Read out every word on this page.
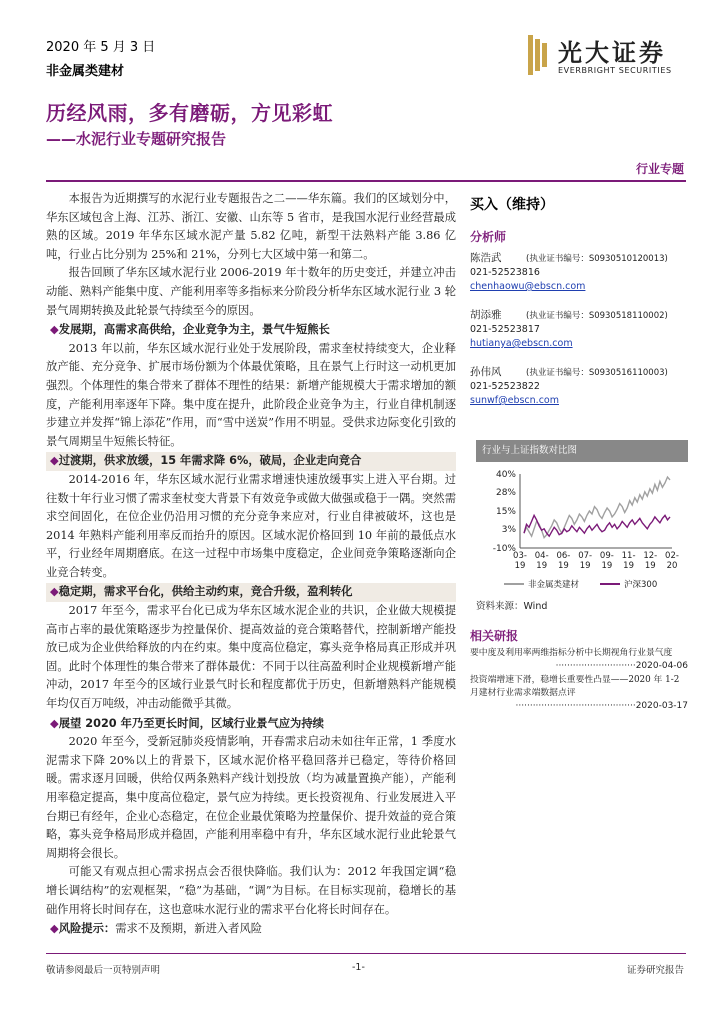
2020 年 5 月 3 日
非金属类建材
光大证券
EVERBRIGHT SECURITIES
历经风雨，多有磨砺，方见彩虹
——水泥行业专题研究报告
行业专题

本报告为近期撰写的水泥行业专题报告之二——华东篇。我们的区域划分中，华东区域包含上海、江苏、浙江、安徽、山东等 5 省市，是我国水泥行业经营最成熟的区域。2019 年华东区域水泥产量 5.82 亿吨，新型干法熟料产能 3.86 亿吨，行业占比分别为 25%和 21%，分列七大区域中第一和第二。

报告回顾了华东区域水泥行业 2006-2019 年十数年的历史变迁，并建立冲击动能、熟料产能集中度、产能利用率等多指标来分阶段分析华东区域水泥行业 3 轮景气周期转换及此轮景气持续至今的原因。

◆发展期，高需求高供给，企业竞争为主，景气牛短熊长

2013 年以前，华东区域水泥行业处于发展阶段，需求奎杖持续变大，企业释放产能、充分竞争、扩展市场份额为个体最优策略，且在景气上行时这一动机更加强烈。个体理性的集合带来了群体不理性的结果：新增产能规模大于需求增加的额度，产能利用率逐年下降。集中度在提升，此阶段企业竞争为主，行业自律机制逐步建立并发挥“锦上添花”作用，而“雪中送炭”作用不明显。受供求边际变化引致的景气周期呈牛短熊长特征。

◆过渡期，供求放缓，15 年需求降 6%，破局，企业走向竞合

2014-2016 年，华东区域水泥行业需求增速快速放缓事实上进入平台期。过往数十年行业习惯了需求奎杖变大背景下有效竞争或做大做强或稳于一隅。突然需求空间固化，在位企业仍沿用习惯的充分竞争来应对，行业自律被破坏，这也是 2014 年熟料产能利用率反而抬升的原因。区域水泥价格回到 10 年前的最低点水平，行业经年周期磨底。在这一过程中市场集中度稳定，企业间竞争策略逐渐向企业竞合转变。

◆稳定期，需求平台化，供给主动约束，竞合升级，盈利转化

2017 年至今，需求平台化已成为华东区域水泥企业的共识，企业做大规模提高市占率的最优策略逐步为控量保价、提高效益的竞合策略替代，控制新增产能投放已成为企业供给释放的内在约束。集中度高位稳定，寡头竞争格局真正形成并巩固。此时个体理性的集合带来了群体最优：不同于以往高盈利时企业规模新增产能冲动，2017 年至今的区域行业景气时长和程度都优于历史，但新增熟料产能规模年均仅百万吨级，冲击动能微乎其微。

◆展望 2020 年乃至更长时间，区域行业景气应为持续

2020 年至今，受新冠肺炎疫情影响，开春需求启动未如往年正常，1 季度水泥需求下降 20%以上的背景下，区域水泥价格平稳回落并已稳定，等待价格回暖。需求逐月回暖，供给仅两条熟料产线计划投放（均为减量置换产能），产能利用率稳定提高，集中度高位稳定，景气应为持续。更长投资视角、行业发展进入平台期已有经年，企业心态稳定，在位企业最优策略为控量保价、提升效益的竞合策略，寡头竞争格局形成并稳固，产能利用率稳中有升，华东区域水泥行业此轮景气周期将会很长。

可能又有观点担心需求拐点会否很快降临。我们认为：2012 年我国定调“稳增长调结构”的宏观框架，“稳”为基础，“调”为目标。在目标实现前，稳增长的基础作用将长时间存在，这也意味水泥行业的需求平台化将长时间存在。

◆风险提示：需求不及预期，新进入者风险
买入（维持）
分析师
陈浩武	(执业证书编号：S0930510120013)
021-52523816
chenhaowu@ebscn.com
胡添雅	(执业证书编号：S0930518110002)
021-52523817
hutianya@ebscn.com
孙伟风	(执业证书编号：S0930516110003)
021-52523822
sunwf@ebscn.com
行业与上证指数对比图
40%
28%
15%
3%
-10%
03-
19
04-
19
06-
19
07-
19
09-
19
11-
19
12-
19
02-
20
非金属类建材	沪深300
资料来源：Wind
相关研报
要中度及利用率两维指标分析中长期视角行业景气度
····························2020-04-06
投资端增速下滑，稳增长重要性凸显——2020 年 1-2 月建材行业需求端数据点评
··········································2020-03-17
敬请参阅最后一页特别声明	-1-	证券研究报告
